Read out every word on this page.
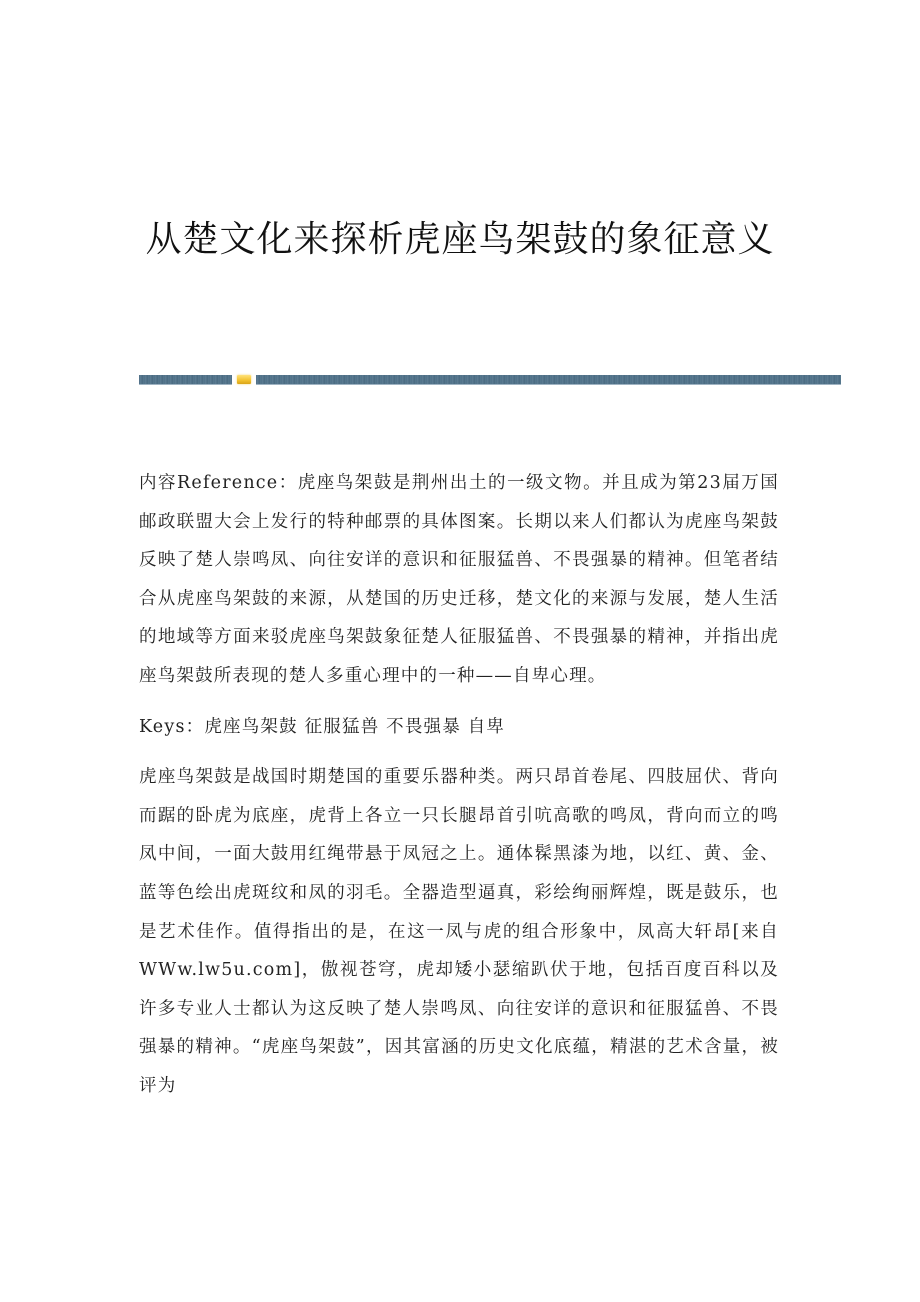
从楚文化来探析虎座鸟架鼓的象征意义

内容Reference：虎座鸟架鼓是荆州出土的一级文物。并且成为第23届万国邮政联盟大会上发行的特种邮票的具体图案。长期以来人们都认为虎座鸟架鼓反映了楚人崇鸣凤、向往安详的意识和征服猛兽、不畏强暴的精神。但笔者结合从虎座鸟架鼓的来源，从楚国的历史迁移，楚文化的来源与发展，楚人生活的地域等方面来驳虎座鸟架鼓象征楚人征服猛兽、不畏强暴的精神，并指出虎座鸟架鼓所表现的楚人多重心理中的一种——自卑心理。

Keys：虎座鸟架鼓 征服猛兽 不畏强暴 自卑

虎座鸟架鼓是战国时期楚国的重要乐器种类。两只昂首卷尾、四肢屈伏、背向而踞的卧虎为底座，虎背上各立一只长腿昂首引吭高歌的鸣凤，背向而立的鸣凤中间，一面大鼓用红绳带悬于凤冠之上。通体髹黑漆为地，以红、黄、金、蓝等色绘出虎斑纹和凤的羽毛。全器造型逼真，彩绘绚丽辉煌，既是鼓乐，也是艺术佳作。值得指出的是，在这一凤与虎的组合形象中，凤高大轩昂[来自WWw.lw5u.com]，傲视苍穹，虎却矮小瑟缩趴伏于地，包括百度百科以及许多专业人士都认为这反映了楚人崇鸣凤、向往安详的意识和征服猛兽、不畏强暴的精神。“虎座鸟架鼓”，因其富涵的历史文化底蕴，精湛的艺术含量，被评为
